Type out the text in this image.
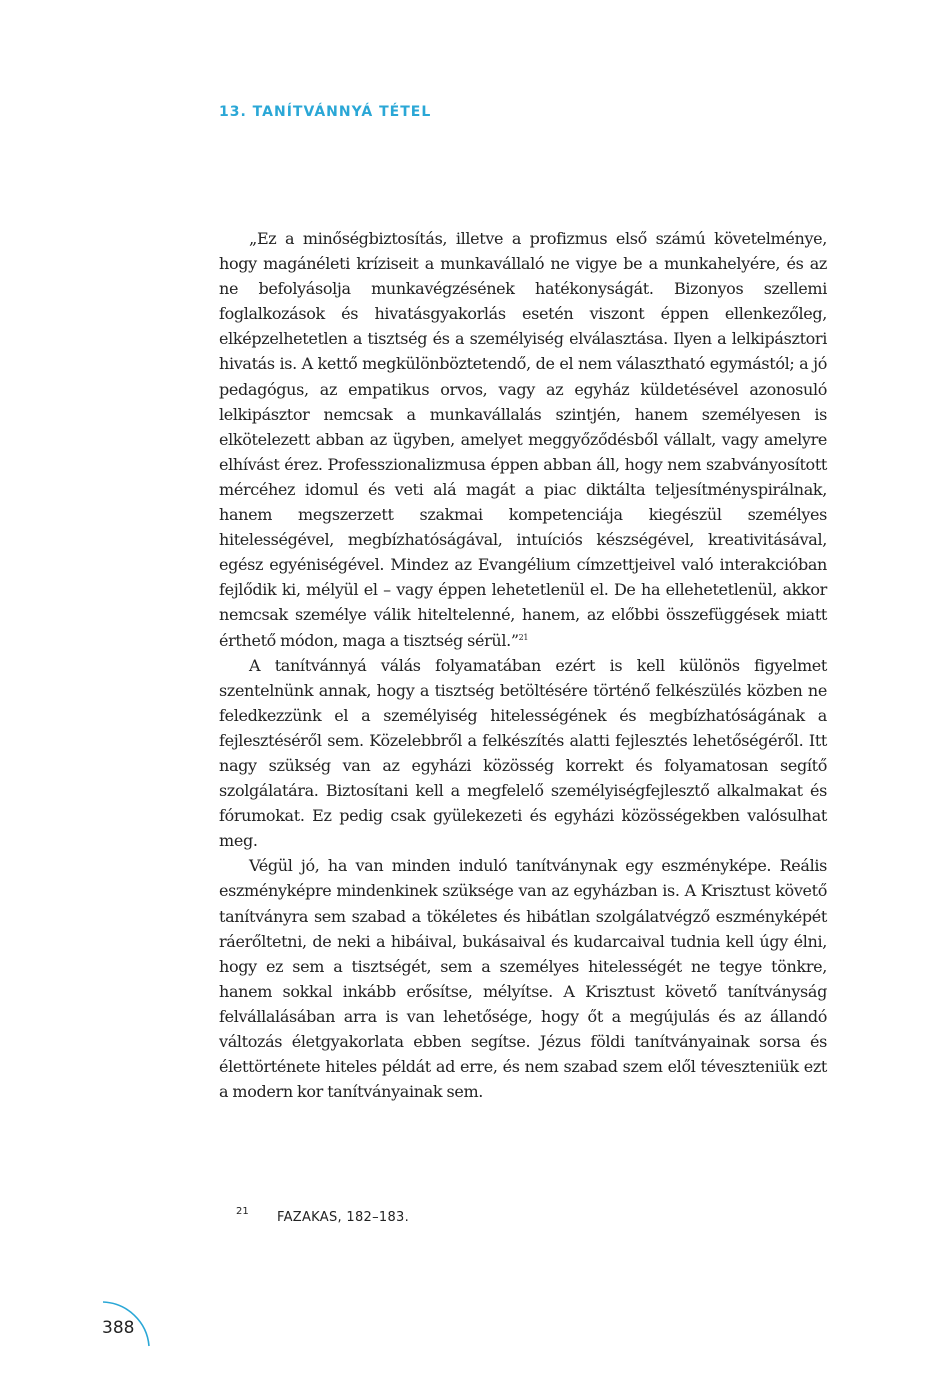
13. TANÍTVÁNNYÁ TÉTEL

„Ez a minőségbiztosítás, illetve a profizmus első számú követelménye, hogy magánéleti kríziseit a munkavállaló ne vigye be a munkahelyére, és az ne befolyásolja munkavégzésének hatékonyságát. Bizonyos szellemi foglalkozások és hivatásgyakorlás esetén viszont éppen ellenkezőleg, elképzelhetetlen a tisztség és a személyiség elválasztása. Ilyen a lelkipásztori hivatás is. A kettő megkülönböztetendő, de el nem választható egymástól; a jó pedagógus, az empatikus orvos, vagy az egyház küldetésével azonosuló lelkipásztor nemcsak a munkavállalás szintjén, hanem személyesen is elkötelezett abban az ügyben, amelyet meggyőződésből vállalt, vagy amelyre elhívást érez. Professzionalizmusa éppen abban áll, hogy nem szabványosított mércéhez idomul és veti alá magát a piac diktálta teljesítményspirálnak, hanem megszerzett szakmai kompetenciája kiegészül személyes hitelességével, megbízhatóságával, intuíciós készségével, kreativitásával, egész egyéniségével. Mindez az Evangélium címzettjeivel való interakcióban fejlődik ki, mélyül el – vagy éppen lehetetlenül el. De ha ellehetetlenül, akkor nemcsak személye válik hiteltelenné, hanem, az előbbi összefüggések miatt érthető módon, maga a tisztség sérül.”$^{21}$

A tanítvánnyá válás folyamatában ezért is kell különös figyelmet szentelnünk annak, hogy a tisztség betöltésére történő felkészülés közben ne feledkezzünk el a személyiség hitelességének és megbízhatóságának a fejlesztéséről sem. Közelebbről a felkészítés alatti fejlesztés lehetőségéről. Itt nagy szükség van az egyházi közösség korrekt és folyamatosan segítő szolgálatára. Biztosítani kell a megfelelő személyiségfejlesztő alkalmakat és fórumokat. Ez pedig csak gyülekezeti és egyházi közösségekben valósulhat meg.

Végül jó, ha van minden induló tanítványnak egy eszményképe. Reális eszményképre mindenkinek szüksége van az egyházban is. A Krisztust követő tanítványra sem szabad a tökéletes és hibátlan szolgálatvégző eszményképét ráerőltetni, de neki a hibáival, bukásaival és kudarcaival tudnia kell úgy élni, hogy ez sem a tisztségét, sem a személyes hitelességét ne tegye tönkre, hanem sokkal inkább erősítse, mélyítse. A Krisztust követő tanítványság felvállalásában arra is van lehetősége, hogy őt a megújulás és az állandó változás életgyakorlata ebben segítse. Jézus földi tanítványainak sorsa és élettörténete hiteles példát ad erre, és nem szabad szem elől téveszteniük ezt a modern kor tanítványainak sem.

21 FAZAKAS, 182–183.
388
